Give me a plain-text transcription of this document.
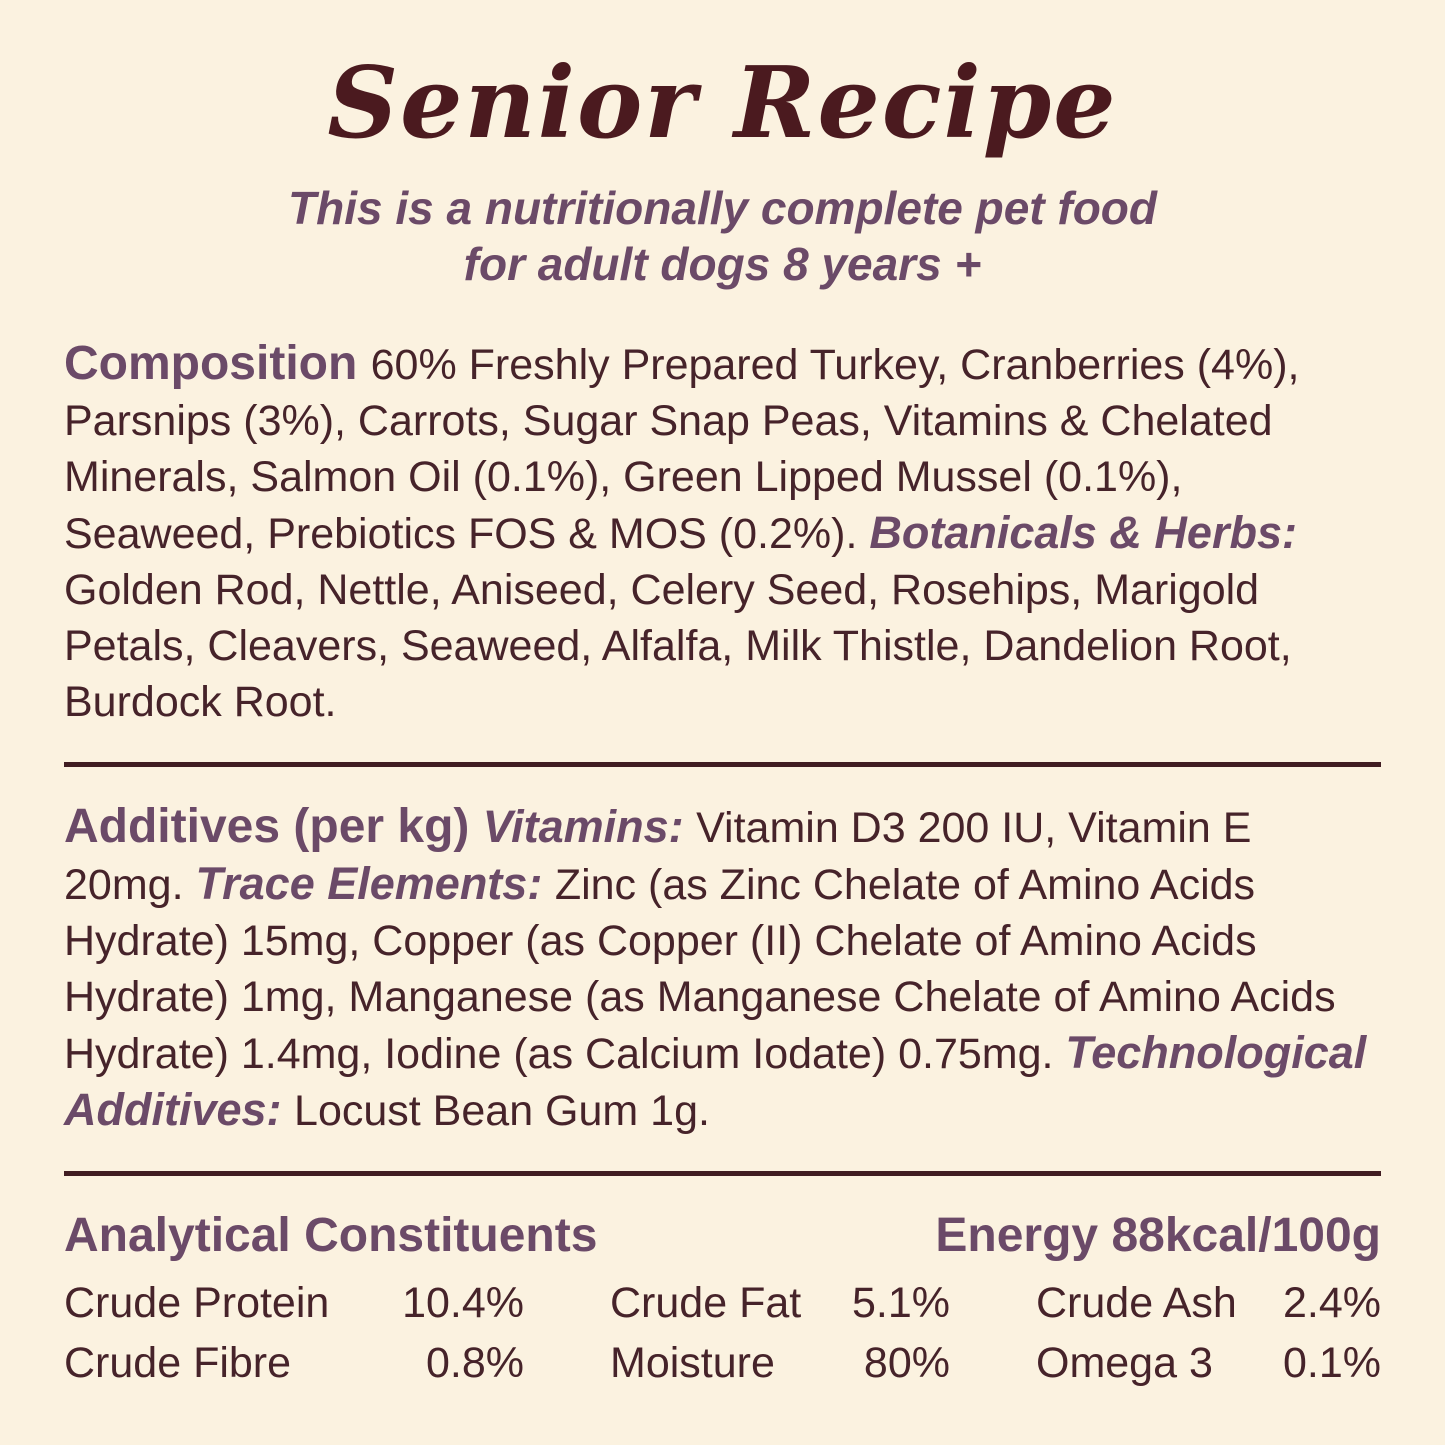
Senior Recipe
This is a nutritionally complete pet food
for adult dogs 8 years +
Composition 60% Freshly Prepared Turkey, Cranberries (4%), Parsnips (3%), Carrots, Sugar Snap Peas, Vitamins & Chelated Minerals, Salmon Oil (0.1%), Green Lipped Mussel (0.1%), Seaweed, Prebiotics FOS & MOS (0.2%). Botanicals & Herbs: Golden Rod, Nettle, Aniseed, Celery Seed, Rosehips, Marigold Petals, Cleavers, Seaweed, Alfalfa, Milk Thistle, Dandelion Root, Burdock Root.
Additives (per kg) Vitamins: Vitamin D3 200 IU, Vitamin E 20mg. Trace Elements: Zinc (as Zinc Chelate of Amino Acids Hydrate) 15mg, Copper (as Copper (II) Chelate of Amino Acids Hydrate) 1mg, Manganese (as Manganese Chelate of Amino Acids Hydrate) 1.4mg, Iodine (as Calcium Iodate) 0.75mg. Technological Additives: Locust Bean Gum 1g.
Analytical Constituents	Energy 88kcal/100g
Crude Protein 10.4% Crude Fat 5.1% Crude Ash 2.4%
Crude Fibre	0.8% Moisture 80% Omega 3 0.1%
